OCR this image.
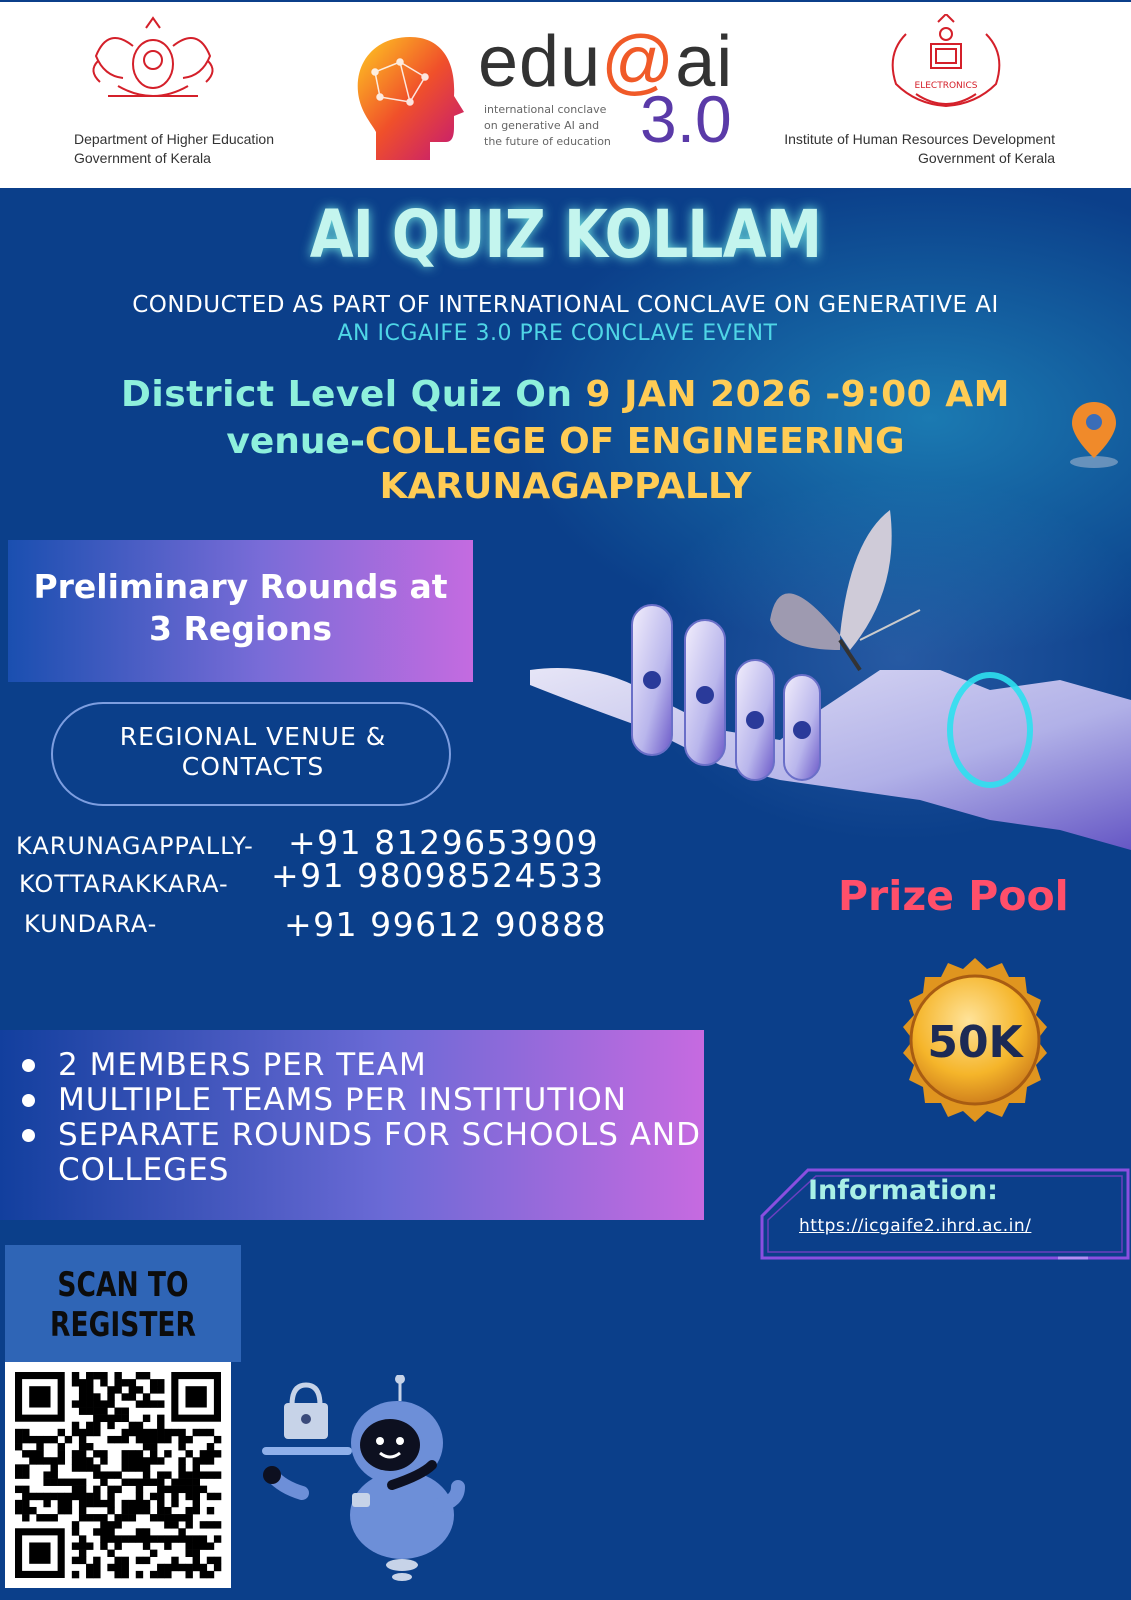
Department of Higher Education
Government of Kerala
edu@ai
3.0
international conclave
on generative AI and
the future of education
ELECTRONICS
Institute of Human Resources Development
Government of Kerala
AI QUIZ KOLLAM
CONDUCTED AS PART OF INTERNATIONAL CONCLAVE ON GENERATIVE AI
AN ICGAIFE 3.0 PRE CONCLAVE EVENT
District Level Quiz On 9 JAN 2026 -9:00 AM
venue-COLLEGE OF ENGINEERING
KARUNAGAPPALLY
Preliminary Rounds at
3 Regions
REGIONAL VENUE &
CONTACTS
KARUNAGAPPALLY- +91 8129653909
KOTTARAKKARA- +91 98098524533
KUNDARA-	+91 99612 90888
Prize Pool
50K
2 MEMBERS PER TEAM
MULTIPLE TEAMS PER INSTITUTION
SEPARATE ROUNDS FOR SCHOOLS AND COLLEGES
Information:
https://icgaife2.ihrd.ac.in/
SCAN TO
REGISTER
